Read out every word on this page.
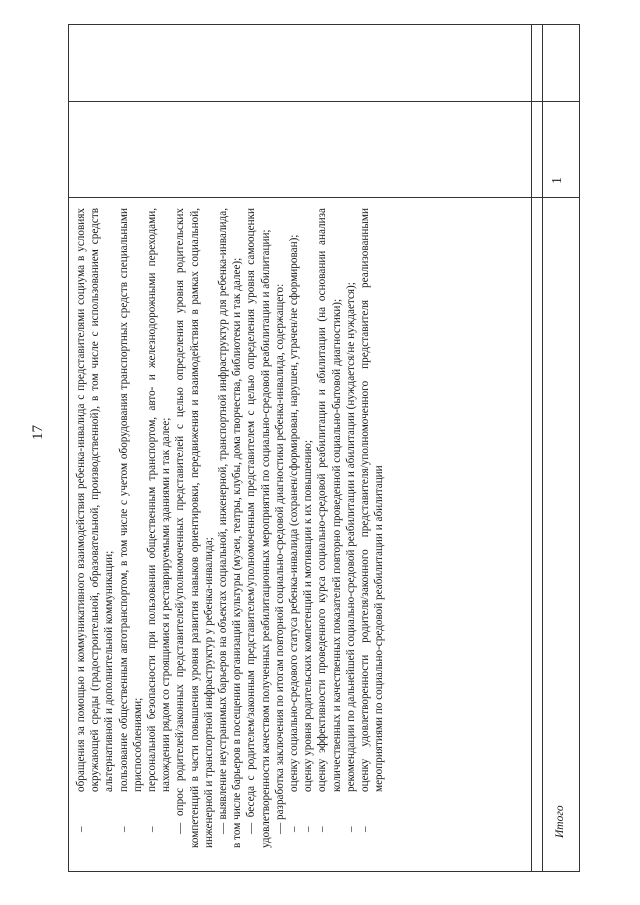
17	– обращения за помощью и коммуникативного взаимодействия ребенка-инвалида с представителями социума в условиях окружающей среды (градостроительной, образовательной, производственной), в том числе с использованием средств альтернативной и дополнительной коммуникации; – пользование общественным автотранспортом, в том числе с учетом оборудования транспортных средств специальными приспособлениями; – персональной безопасности при пользовании общественным транспортом, авто- и железнодорожными переходами, нахождении рядом со строящимися и реставрируемыми зданиями и так далее; — опрос родителей/законных представителей/уполномоченных представителей с целью определения уровня родительских компетенций в части повышения уровня развития навыков ориентировки, передвижения и взаимодействия в рамках социальной, инженерной и транспортной инфраструктур у ребенка-инвалида; — выявление неустранимых барьеров на объектах социальной, инженерной, транспортной инфраструктур для ребенка-инвалида, в том числе барьеров в посещении организаций культуры (музеи, театры, клубы, дома творчества, библиотеки и так далее); — беседа с родителем/законным представителем/уполномоченным представителем с целью определения уровня самооценки удовлетворенности качеством полученных реабилитационных мероприятий по социально-средовой реабилитации и абилитации; — разработка заключения по итогам повторной социально-средовой диагностики ребенка-инвалида, содержащего: – оценку социально-средового статуса ребенка-инвалида (сохранен/сформирован, нарушен, утрачен/не сформирован); – оценку уровня родительских компетенций и мотивации к их повышению; – оценку эффективности проведенного курса социально-средовой реабилитации и абилитации (на основании анализа количественных и качественных показателей повторно проведенной социально-бытовой диагностики); – рекомендации по дальнейшей социально-средовой реабилитации и абилитации (нуждается/не нуждается); – оценку удовлетворенности родителя/законного представителя/уполномоченного представителя реализованными мероприятиями по социально-средовой реабилитации и абилитации
Итого
1
